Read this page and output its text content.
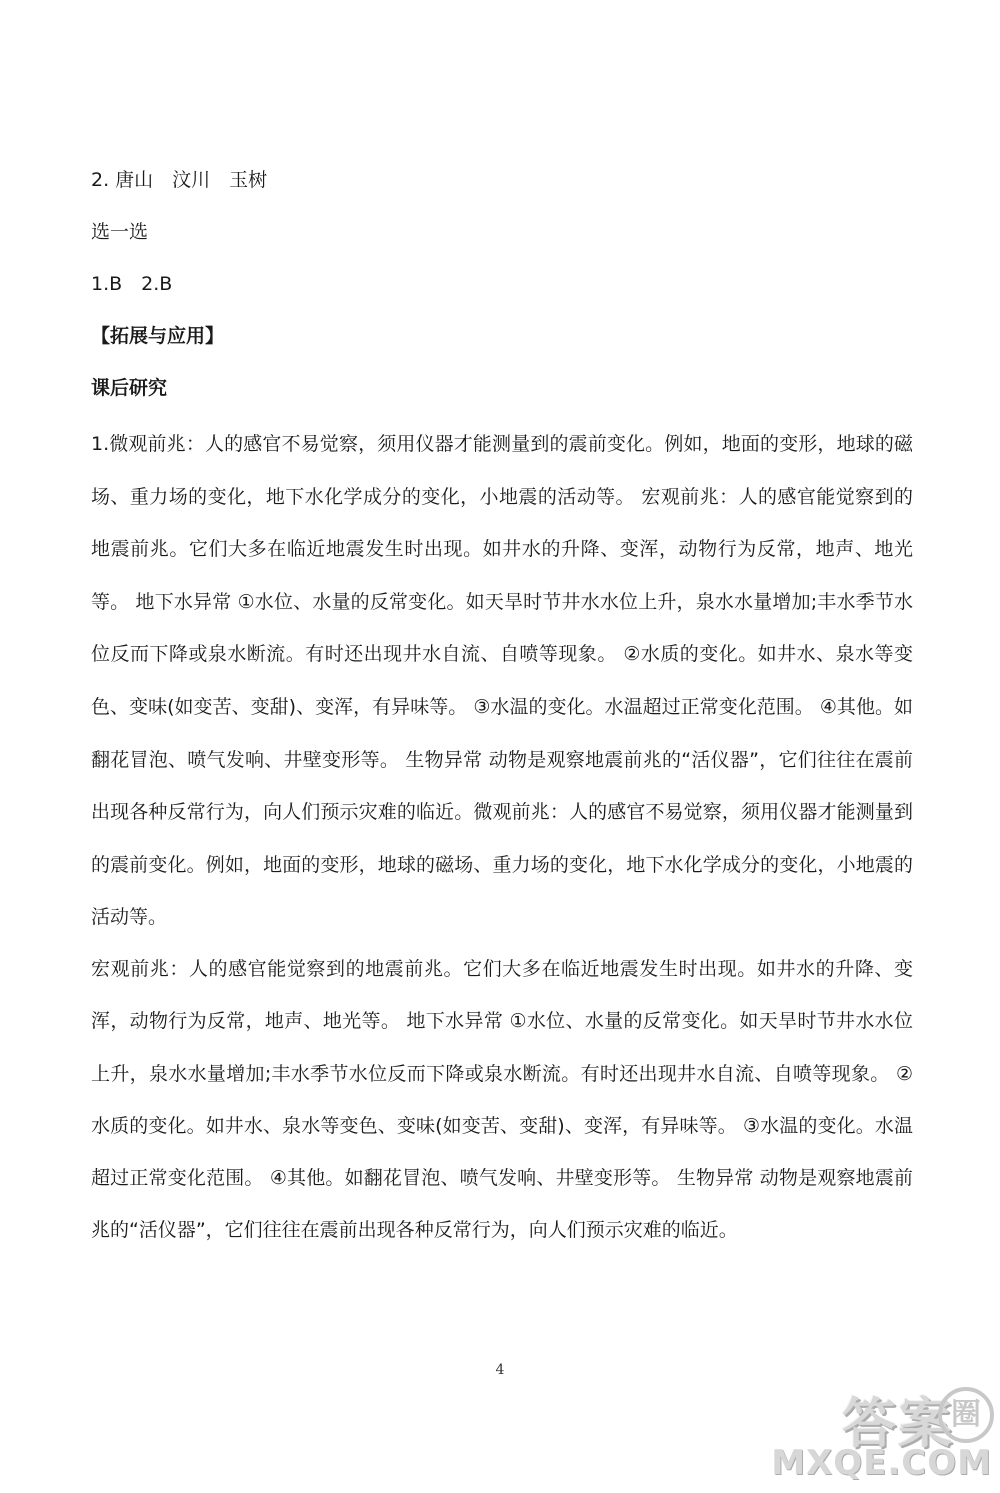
2. 唐山　汶川　玉树
选一选
1.B　2.B
【拓展与应用】
课后研究
1.微观前兆：人的感官不易觉察，须用仪器才能测量到的震前变化。例如，地面的变形，地球的磁场、重力场的变化，地下水化学成分的变化，小地震的活动等。 宏观前兆：人的感官能觉察到的地震前兆。它们大多在临近地震发生时出现。如井水的升降、变浑，动物行为反常，地声、地光等。 地下水异常 ①水位、水量的反常变化。如天旱时节井水水位上升，泉水水量增加;丰水季节水位反而下降或泉水断流。有时还出现井水自流、自喷等现象。 ②水质的变化。如井水、泉水等变色、变味(如变苦、变甜)、变浑，有异味等。 ③水温的变化。水温超过正常变化范围。 ④其他。如翻花冒泡、喷气发响、井壁变形等。 生物异常 动物是观察地震前兆的“活仪器”，它们往往在震前出现各种反常行为，向人们预示灾难的临近。微观前兆：人的感官不易觉察，须用仪器才能测量到的震前变化。例如，地面的变形，地球的磁场、重力场的变化，地下水化学成分的变化，小地震的活动等。
宏观前兆：人的感官能觉察到的地震前兆。它们大多在临近地震发生时出现。如井水的升降、变浑，动物行为反常，地声、地光等。 地下水异常 ①水位、水量的反常变化。如天旱时节井水水位上升，泉水水量增加;丰水季节水位反而下降或泉水断流。有时还出现井水自流、自喷等现象。 ②水质的变化。如井水、泉水等变色、变味(如变苦、变甜)、变浑，有异味等。 ③水温的变化。水温超过正常变化范围。 ④其他。如翻花冒泡、喷气发响、井壁变形等。 生物异常 动物是观察地震前兆的“活仪器”，它们往往在震前出现各种反常行为，向人们预示灾难的临近。
4
答案
圈
MXQE.COM
